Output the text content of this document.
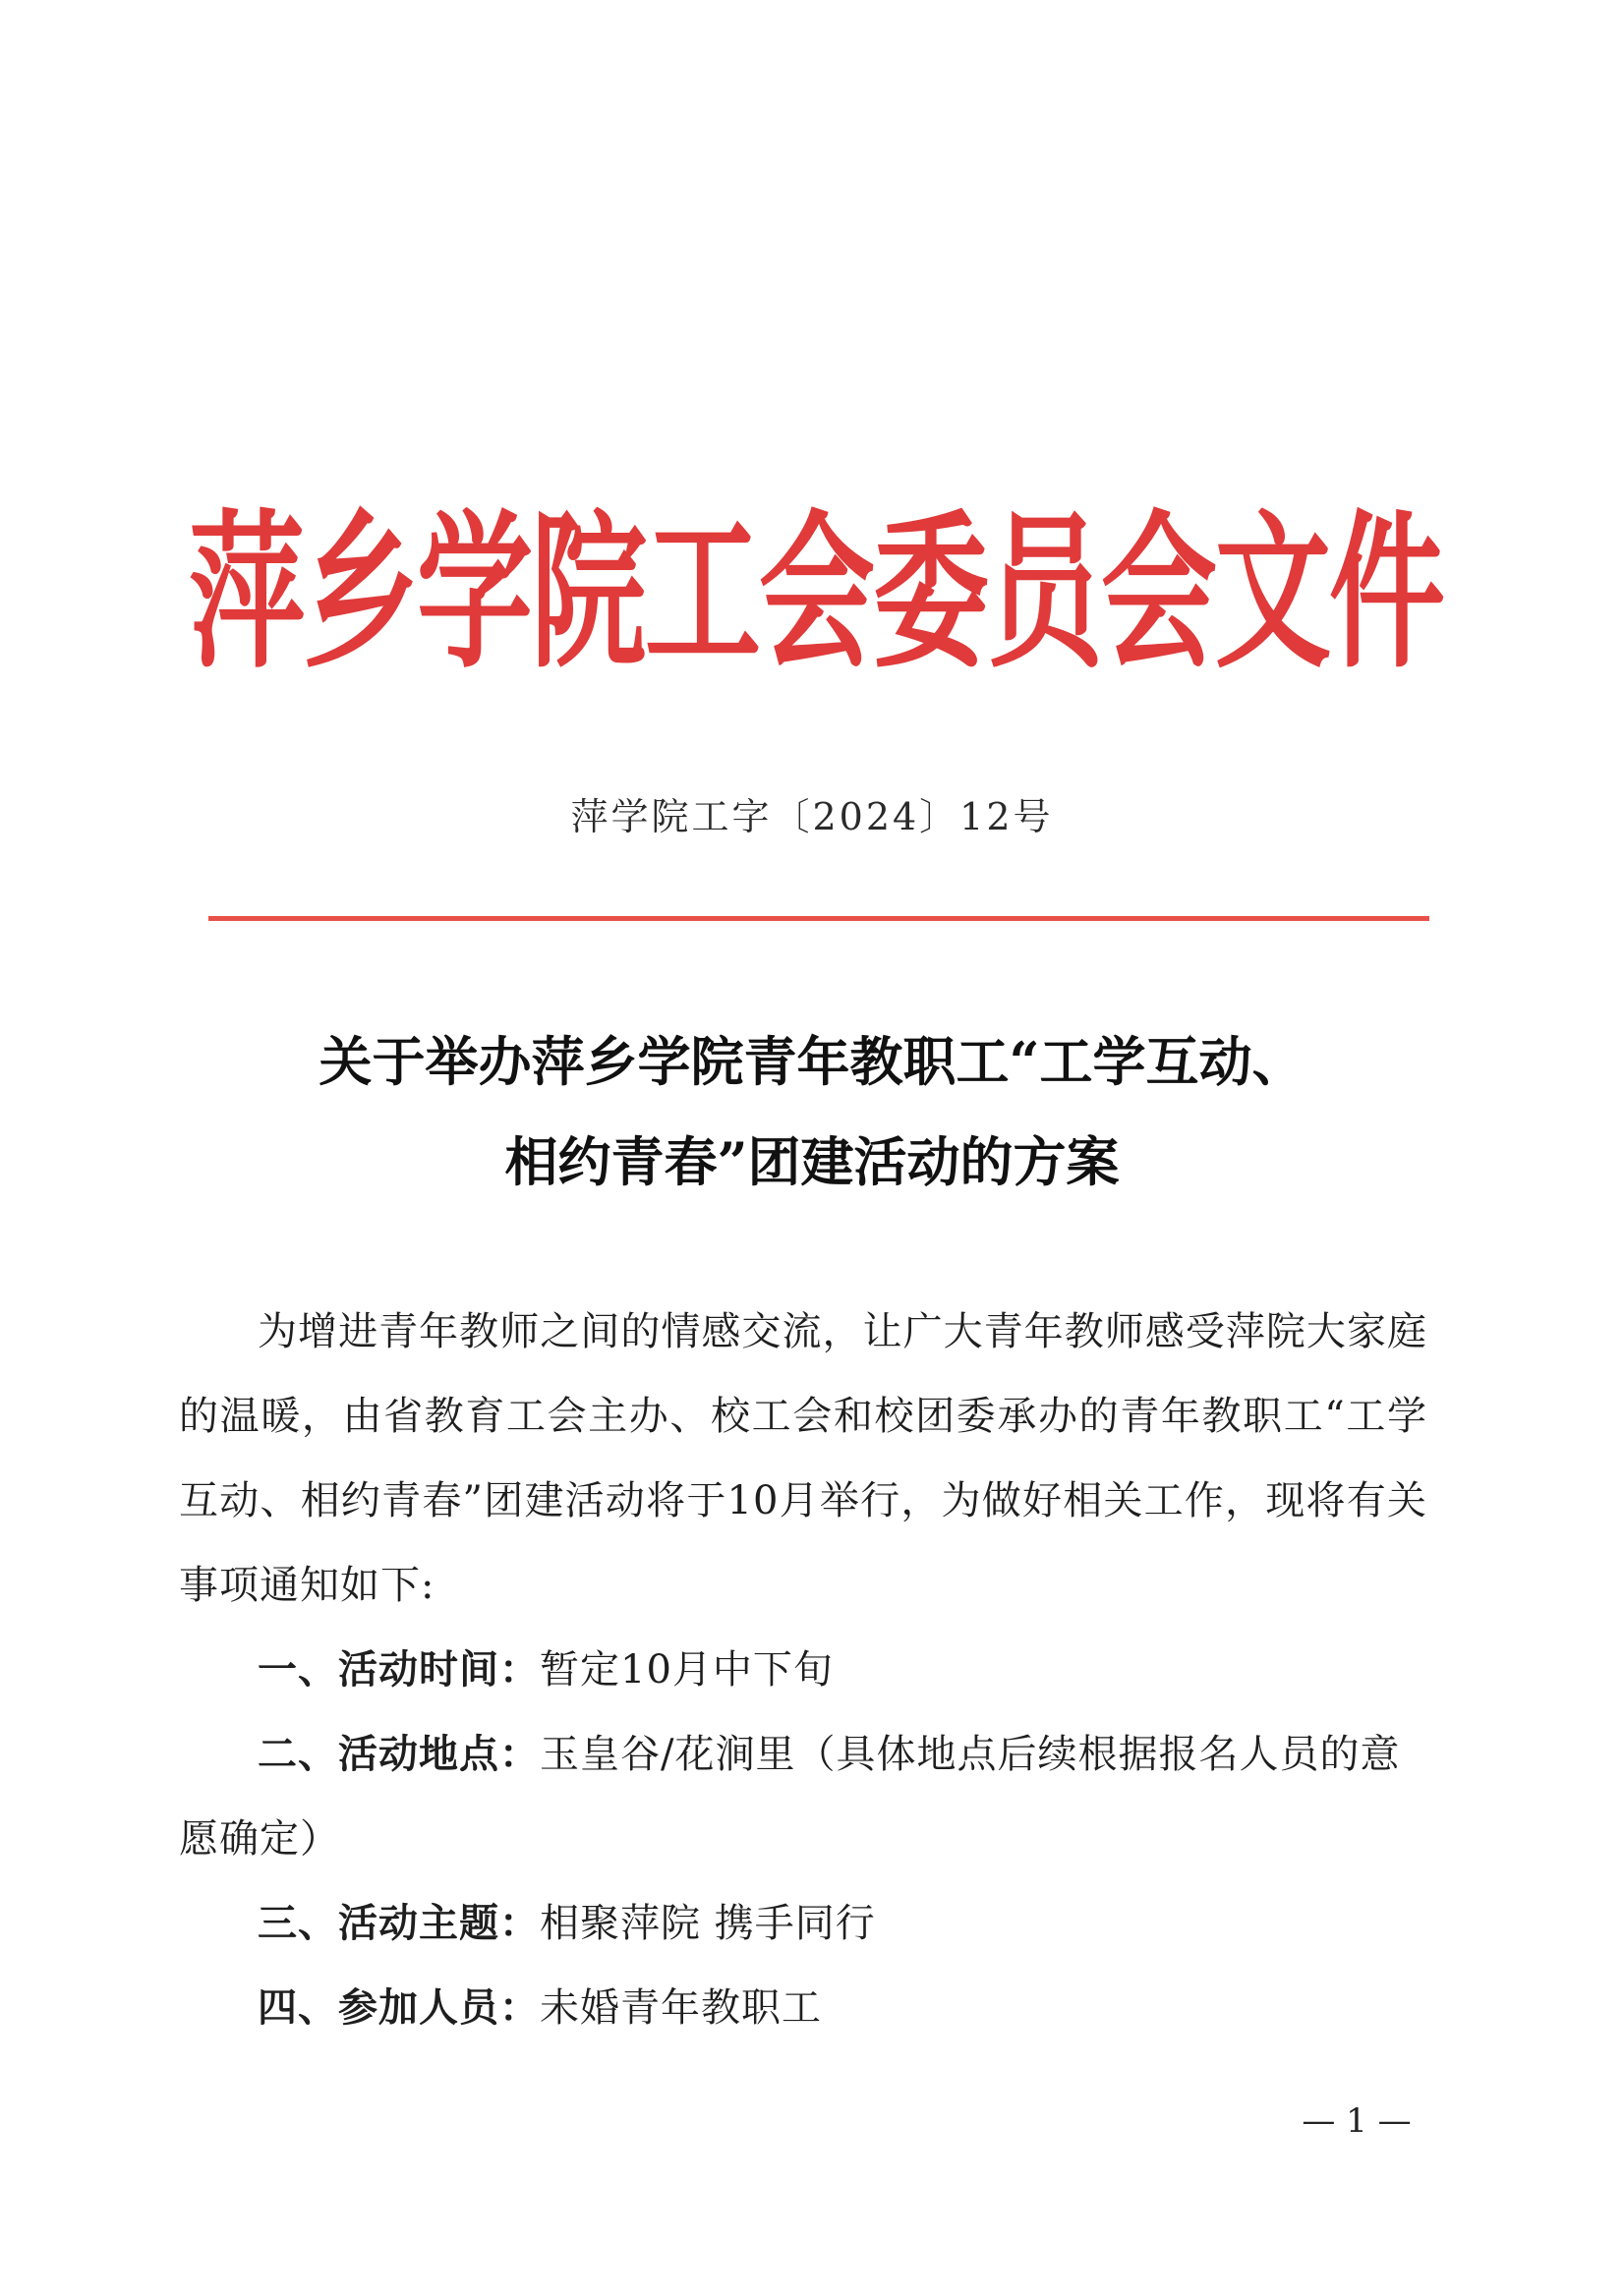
萍乡学院工会委员会文件
萍学院工字〔2024〕12号
关于举办萍乡学院青年教职工“工学互动、
相约青春”团建活动的方案

为增进青年教师之间的情感交流，让广大青年教师感受萍院大家庭的温暖，由省教育工会主办、校工会和校团委承办的青年教职工“工学互动、相约青春”团建活动将于10月举行，为做好相关工作，现将有关事项通知如下:

一、活动时间：暂定10月中下旬

二、活动地点：玉皇谷/花涧里（具体地点后续根据报名人员的意愿确定）

三、活动主题：相聚萍院 携手同行

四、参加人员：未婚青年教职工

— 1 —
